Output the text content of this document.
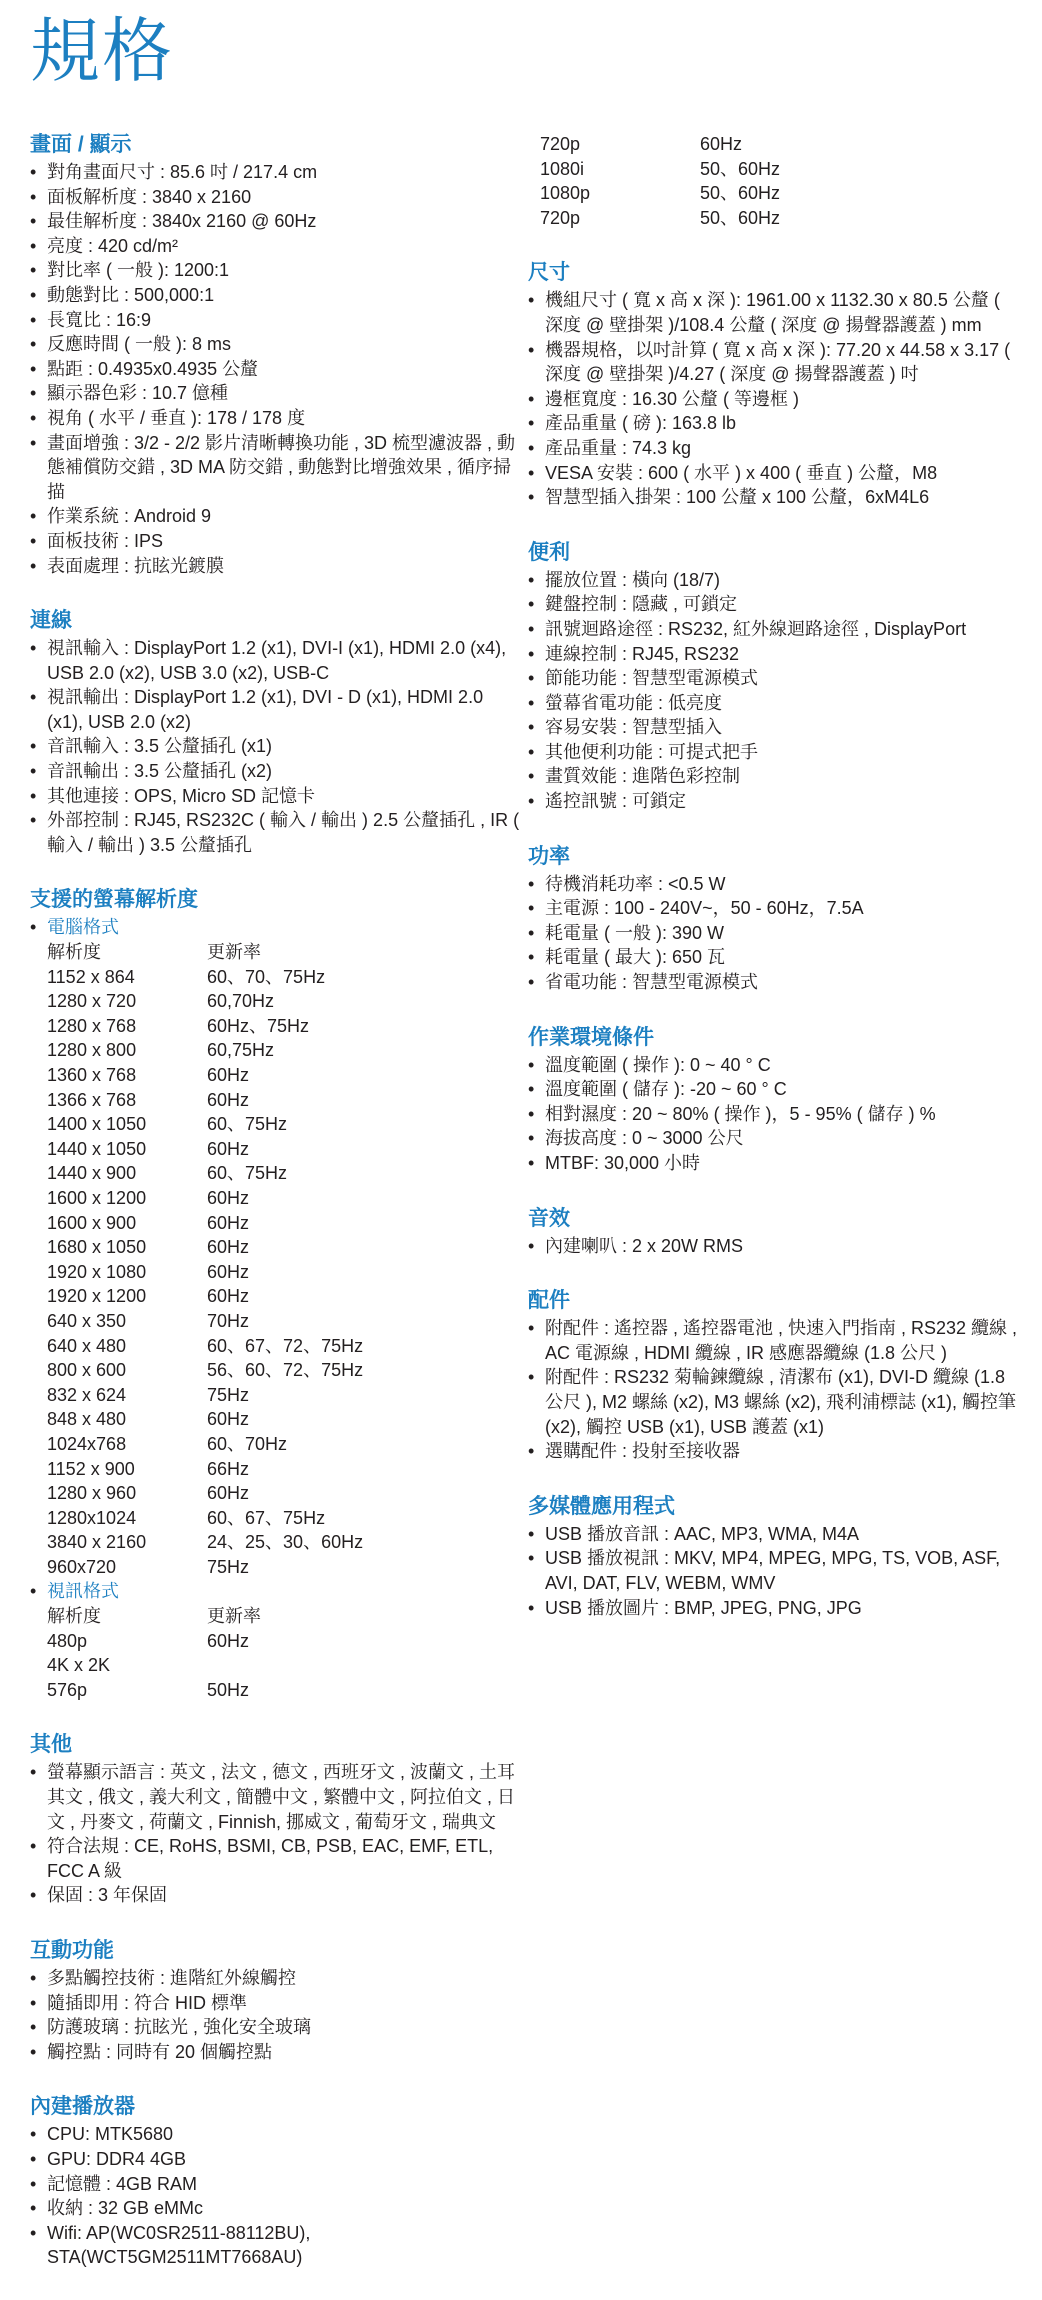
規格
畫面 / 顯示
• 對角畫面尺寸 : 85.6 吋 / 217.4 cm
• 面板解析度 : 3840 x 2160
• 最佳解析度 : 3840x 2160 @ 60Hz
• 亮度 : 420 cd/m²
• 對比率 ( 一般 ): 1200:1
• 動態對比 : 500,000:1
• 長寬比 : 16:9
• 反應時間 ( 一般 ): 8 ms
• 點距 : 0.4935x0.4935 公釐
• 顯示器色彩 : 10.7 億種
• 視角 ( 水平 / 垂直 ): 178 / 178 度
• 畫面增強 : 3/2 - 2/2 影片清晰轉換功能 , 3D 梳型濾波器 , 動態補償防交錯 , 3D MA 防交錯 , 動態對比增強效果 , 循序掃描
• 作業系統 : Android 9
• 面板技術 : IPS
• 表面處理 : 抗眩光鍍膜
連線
• 視訊輸入 : DisplayPort 1.2 (x1), DVI-I (x1), HDMI 2.0 (x4), USB 2.0 (x2), USB 3.0 (x2), USB-C
• 視訊輸出 : DisplayPort 1.2 (x1), DVI - D (x1), HDMI 2.0 (x1), USB 2.0 (x2)
• 音訊輸入 : 3.5 公釐插孔 (x1)
• 音訊輸出 : 3.5 公釐插孔 (x2)
• 其他連接 : OPS, Micro SD 記憶卡
• 外部控制 : RJ45, RS232C ( 輸入 / 輸出 ) 2.5 公釐插孔 , IR ( 輸入 / 輸出 ) 3.5 公釐插孔
支援的螢幕解析度
• 電腦格式
解析度	更新率
1152 x 864	60、70、75Hz
1280 x 720	60,70Hz
1280 x 768	60Hz、75Hz
1280 x 800	60,75Hz
1360 x 768	60Hz
1366 x 768	60Hz
1400 x 1050	60、75Hz
1440 x 1050	60Hz
1440 x 900	60、75Hz
1600 x 1200	60Hz
1600 x 900	60Hz
1680 x 1050	60Hz
1920 x 1080	60Hz
1920 x 1200	60Hz
640 x 350	70Hz
640 x 480	60、67、72、75Hz
800 x 600	56、60、72、75Hz
832 x 624	75Hz
848 x 480	60Hz
1024x768	60、70Hz
1152 x 900	66Hz
1280 x 960	60Hz
1280x1024	60、67、75Hz
3840 x 2160	24、25、30、60Hz
960x720	75Hz
• 視訊格式
解析度	更新率
480p	60Hz
4K x 2K
576p	50Hz
其他
• 螢幕顯示語言 : 英文 , 法文 , 德文 , 西班牙文 , 波蘭文 , 土耳其文 , 俄文 , 義大利文 , 簡體中文 , 繁體中文 , 阿拉伯文 , 日文 , 丹麥文 , 荷蘭文 , Finnish, 挪威文 , 葡萄牙文 , 瑞典文
• 符合法規 : CE, RoHS, BSMI, CB, PSB, EAC, EMF, ETL, FCC A 級
• 保固 : 3 年保固
互動功能
• 多點觸控技術 : 進階紅外線觸控
• 隨插即用 : 符合 HID 標準
• 防護玻璃 : 抗眩光 , 強化安全玻璃
• 觸控點 : 同時有 20 個觸控點
內建播放器
• CPU: MTK5680
• GPU: DDR4 4GB
• 記憶體 : 4GB RAM
• 收納 : 32 GB eMMc
• Wifi: AP(WC0SR2511-88112BU), STA(WCT5GM2511MT7668AU)
720p	60Hz
1080i	50、60Hz
1080p	50、60Hz
720p	50、60Hz
尺寸
• 機組尺寸 ( 寬 x 高 x 深 ): 1961.00 x 1132.30 x 80.5 公釐 ( 深度 @ 壁掛架 )/108.4 公釐 ( 深度 @ 揚聲器護蓋 ) mm
• 機器規格，以吋計算 ( 寬 x 高 x 深 ): 77.20 x 44.58 x 3.17 ( 深度 @ 壁掛架 )/4.27 ( 深度 @ 揚聲器護蓋 ) 吋
• 邊框寬度 : 16.30 公釐 ( 等邊框 )
• 產品重量 ( 磅 ): 163.8 lb
• 產品重量 : 74.3 kg
• VESA 安裝 : 600 ( 水平 ) x 400 ( 垂直 ) 公釐，M8
• 智慧型插入掛架 : 100 公釐 x 100 公釐，6xM4L6
便利
• 擺放位置 : 橫向 (18/7)
• 鍵盤控制 : 隱藏 , 可鎖定
• 訊號迴路途徑 : RS232, 紅外線迴路途徑 , DisplayPort
• 連線控制 : RJ45, RS232
• 節能功能 : 智慧型電源模式
• 螢幕省電功能 : 低亮度
• 容易安裝 : 智慧型插入
• 其他便利功能 : 可提式把手
• 畫質效能 : 進階色彩控制
• 遙控訊號 : 可鎖定
功率
• 待機消耗功率 : <0.5 W
• 主電源 : 100 - 240V~，50 - 60Hz，7.5A
• 耗電量 ( 一般 ): 390 W
• 耗電量 ( 最大 ): 650 瓦
• 省電功能 : 智慧型電源模式
作業環境條件
• 溫度範圍 ( 操作 ): 0 ~ 40 ° C
• 溫度範圍 ( 儲存 ): -20 ~ 60 ° C
• 相對濕度 : 20 ~ 80% ( 操作 )，5 - 95% ( 儲存 ) %
• 海拔高度 : 0 ~ 3000 公尺
• MTBF: 30,000 小時
音效
• 內建喇叭 : 2 x 20W RMS
配件
• 附配件 : 遙控器 , 遙控器電池 , 快速入門指南 , RS232 纜線 , AC 電源線 , HDMI 纜線 , IR 感應器纜線 (1.8 公尺 )
• 附配件 : RS232 菊輪鍊纜線 , 清潔布 (x1), DVI-D 纜線 (1.8 公尺 ), M2 螺絲 (x2), M3 螺絲 (x2), 飛利浦標誌 (x1), 觸控筆 (x2), 觸控 USB (x1), USB 護蓋 (x1)
• 選購配件 : 投射至接收器
多媒體應用程式
• USB 播放音訊 : AAC, MP3, WMA, M4A
• USB 播放視訊 : MKV, MP4, MPEG, MPG, TS, VOB, ASF, AVI, DAT, FLV, WEBM, WMV
• USB 播放圖片 : BMP, JPEG, PNG, JPG
